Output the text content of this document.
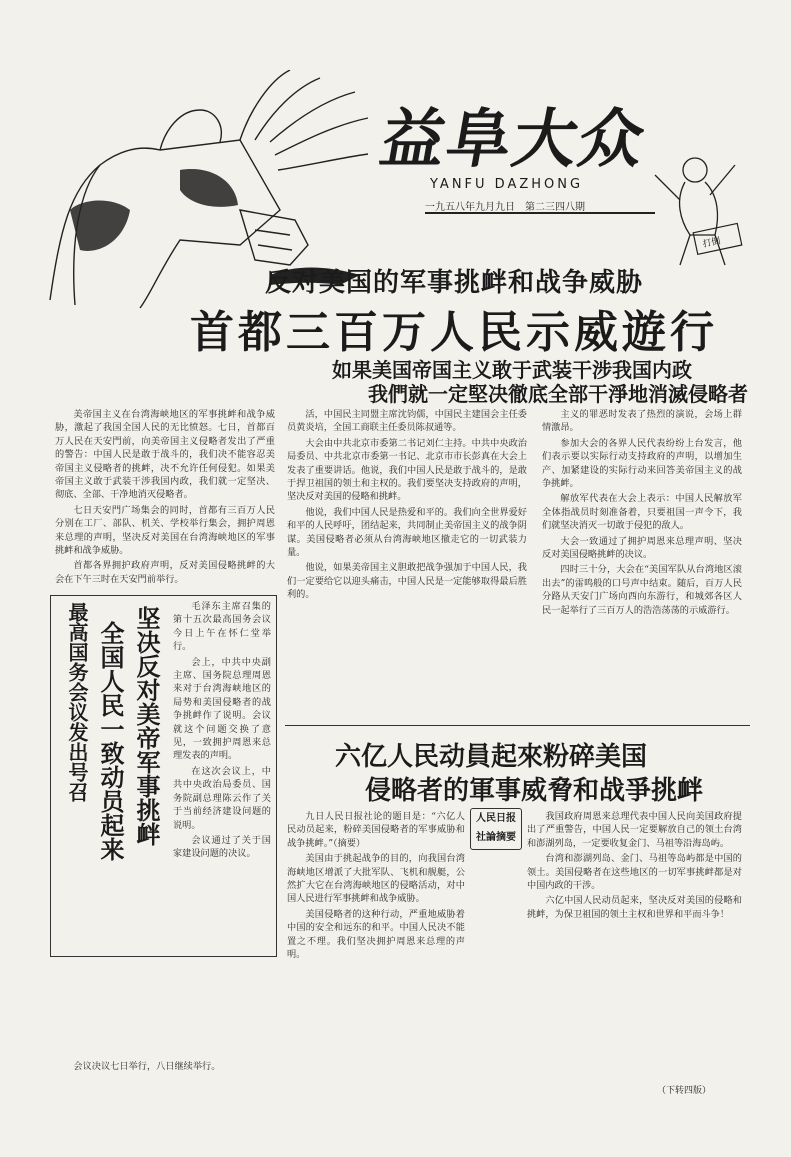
益阜大众
YANFU DAZHONG
一九五八年九月九日　第二三四八期
打倒
反对美国的军事挑衅和战争威胁
首都三百万人民示威遊行
如果美国帝国主义敢于武装干涉我国内政
我們就一定堅决徹底全部干淨地消滅侵略者

美帝国主义在台湾海峡地区的军事挑衅和战争威胁，激起了我国全国人民的无比愤怒。七日，首都百万人民在天安門前，向美帝国主义侵略者发出了严重的警告：中国人民是敢于战斗的，我们决不能容忍美帝国主义侵略者的挑衅，决不允许任何侵犯。如果美帝国主义敢于武装干涉我国内政，我们就一定坚决、彻底、全部、干净地消灭侵略者。

七日天安門广场集会的同时，首都有三百万人民分别在工厂、部队、机关、学校举行集会，拥护周恩来总理的声明，坚决反对美国在台湾海峡地区的军事挑衅和战争威胁。

首都各界拥护政府声明，反对美国侵略挑衅的大会在下午三时在天安門前举行。

活，中国民主同盟主席沈钧儒，中国民主建国会主任委员黄炎培，全国工商联主任委员陈叔通等。

大会由中共北京市委第二书记刘仁主持。中共中央政治局委员、中共北京市委第一书记、北京市市长彭真在大会上发表了重要讲话。他说，我们中国人民是敢于战斗的，是敢于捍卫祖国的领土和主权的。我们要坚决支持政府的声明，坚决反对美国的侵略和挑衅。

他说，我们中国人民是热爱和平的。我们向全世界爱好和平的人民呼吁，团结起来，共同制止美帝国主义的战争阴谋。美国侵略者必须从台湾海峡地区撤走它的一切武装力量。

他说，如果美帝国主义胆敢把战争强加于中国人民，我们一定要给它以迎头痛击，中国人民是一定能够取得最后胜利的。

主义的罪恶时发表了热烈的演说，会场上群情激昂。

参加大会的各界人民代表纷纷上台发言，他们表示要以实际行动支持政府的声明，以增加生产、加紧建设的实际行动来回答美帝国主义的战争挑衅。

解放军代表在大会上表示：中国人民解放军全体指战员时刻准备着，只要祖国一声令下，我们就坚决消灭一切敢于侵犯的敌人。

大会一致通过了拥护周恩来总理声明、坚决反对美国侵略挑衅的决议。

四时三十分，大会在“美国军队从台湾地区滚出去”的雷鸣般的口号声中结束。随后，百万人民分路从天安门广场向西向东游行，和城郊各区人民一起举行了三百万人的浩浩荡荡的示威游行。

坚决反对美帝军事挑衅
全国人民一致动员起来
最高国务会议发出号召	毛泽东主席召集的第十五次最高国务会议今日上午在怀仁堂举行。

会上，中共中央副主席、国务院总理周恩来对于台湾海峡地区的局势和美国侵略者的战争挑衅作了说明。会议就这个问题交换了意见，一致拥护周恩来总理发表的声明。

在这次会议上，中共中央政治局委员、国务院副总理陈云作了关于当前经济建设问题的说明。

会议通过了关于国家建设问题的决议。

会议决议七日举行，八日继续举行。

六亿人民动員起來粉碎美国
侵略者的軍事威脅和战爭挑衅
人民日报
社論摘要

九日人民日报社论的题目是：“六亿人民动员起来，粉碎美国侵略者的军事威胁和战争挑衅。”（摘要）

美国由于挑起战争的目的，向我国台湾海峡地区增派了大批军队、飞机和舰艇，公然扩大它在台湾海峡地区的侵略活动，对中国人民进行军事挑衅和战争威胁。

美国侵略者的这种行动，严重地威胁着中国的安全和远东的和平。中国人民决不能置之不理。我们坚决拥护周恩来总理的声明。

我国政府周恩来总理代表中国人民向美国政府提出了严重警告，中国人民一定要解放自己的领土台湾和澎湖列岛，一定要收复金门、马祖等沿海岛屿。

台湾和澎湖列岛、金门、马祖等岛屿都是中国的领土。美国侵略者在这些地区的一切军事挑衅都是对中国内政的干涉。

六亿中国人民动员起来，坚决反对美国的侵略和挑衅，为保卫祖国的领土主权和世界和平而斗争！

（下转四版）
